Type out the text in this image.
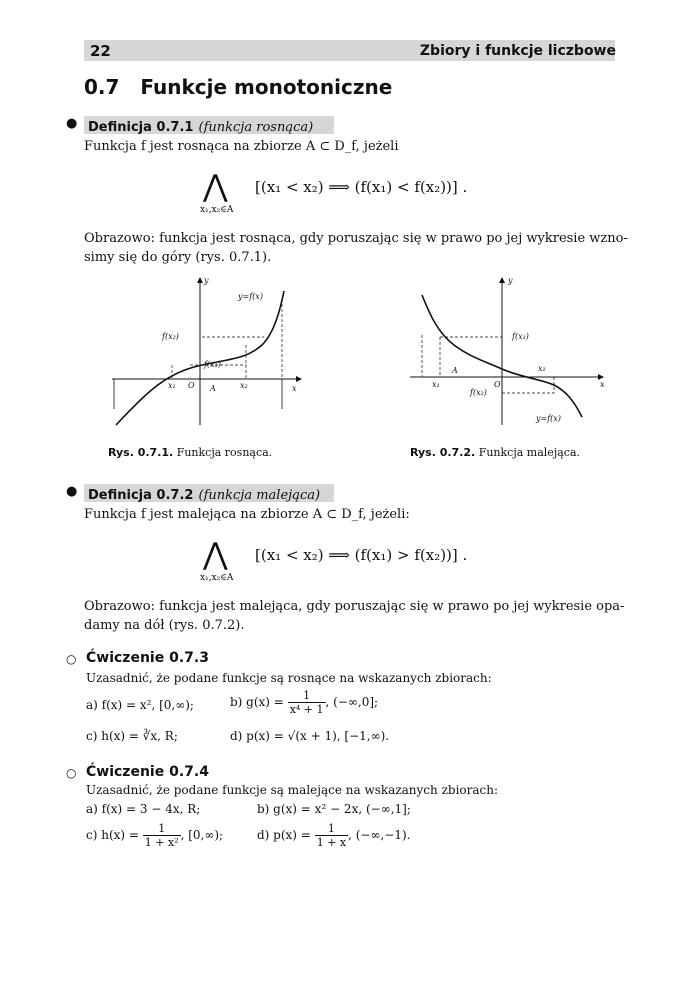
22	Zbiory i funkcje liczbowe
0.7 Funkcje monotoniczne
● Definicja 0.7.1 (funkcja rosnąca)
Funkcja f jest rosnąca na zbiorze A ⊂ D_f, jeżeli
⋀
x₁,x₂∈A
[(x₁ < x₂) ⟹ (f(x₁) < f(x₂))] .
Obrazowo: funkcja jest rosnąca, gdy poruszając się w prawo po jej wykresie wzno-
simy się do góry (rys. 0.7.1).
y
x
y=f(x)
f(x₂)
f(x₁)
x₁ O A	x₂
Rys. 0.7.1. Funkcja rosnąca.
y
x
f(x₁)
f(x₂)
x₁	O
A	x₂
y=f(x)
Rys. 0.7.2. Funkcja malejąca.
● Definicja 0.7.2 (funkcja malejąca)
Funkcja f jest malejąca na zbiorze A ⊂ D_f, jeżeli:
⋀
x₁,x₂∈A
[(x₁ < x₂) ⟹ (f(x₁) > f(x₂))] .
Obrazowo: funkcja jest malejąca, gdy poruszając się w prawo po jej wykresie opa-
damy na dół (rys. 0.7.2).
○ Ćwiczenie 0.7.3
Uzasadnić, że podane funkcje są rosnące na wskazanych zbiorach:
a) f(x) = x², [0,∞);	b) $g(x) = \frac{1}{\text{x⁴ + 1}}$ , (−∞,0];
c) h(x) = ∛x, R;	d) p(x) = √(x + 1), [−1,∞).
○ Ćwiczenie 0.7.4
Uzasadnić, że podane funkcje są malejące na wskazanych zbiorach:
a) f(x) = 3 − 4x, R;	b) g(x) = x² − 2x, (−∞,1];
c) $h(x) = \frac{1}{\text{1 + x²}}$ , [0,∞);	d) $p(x) = \frac{1}{1 + x}$ , (−∞,−1).
